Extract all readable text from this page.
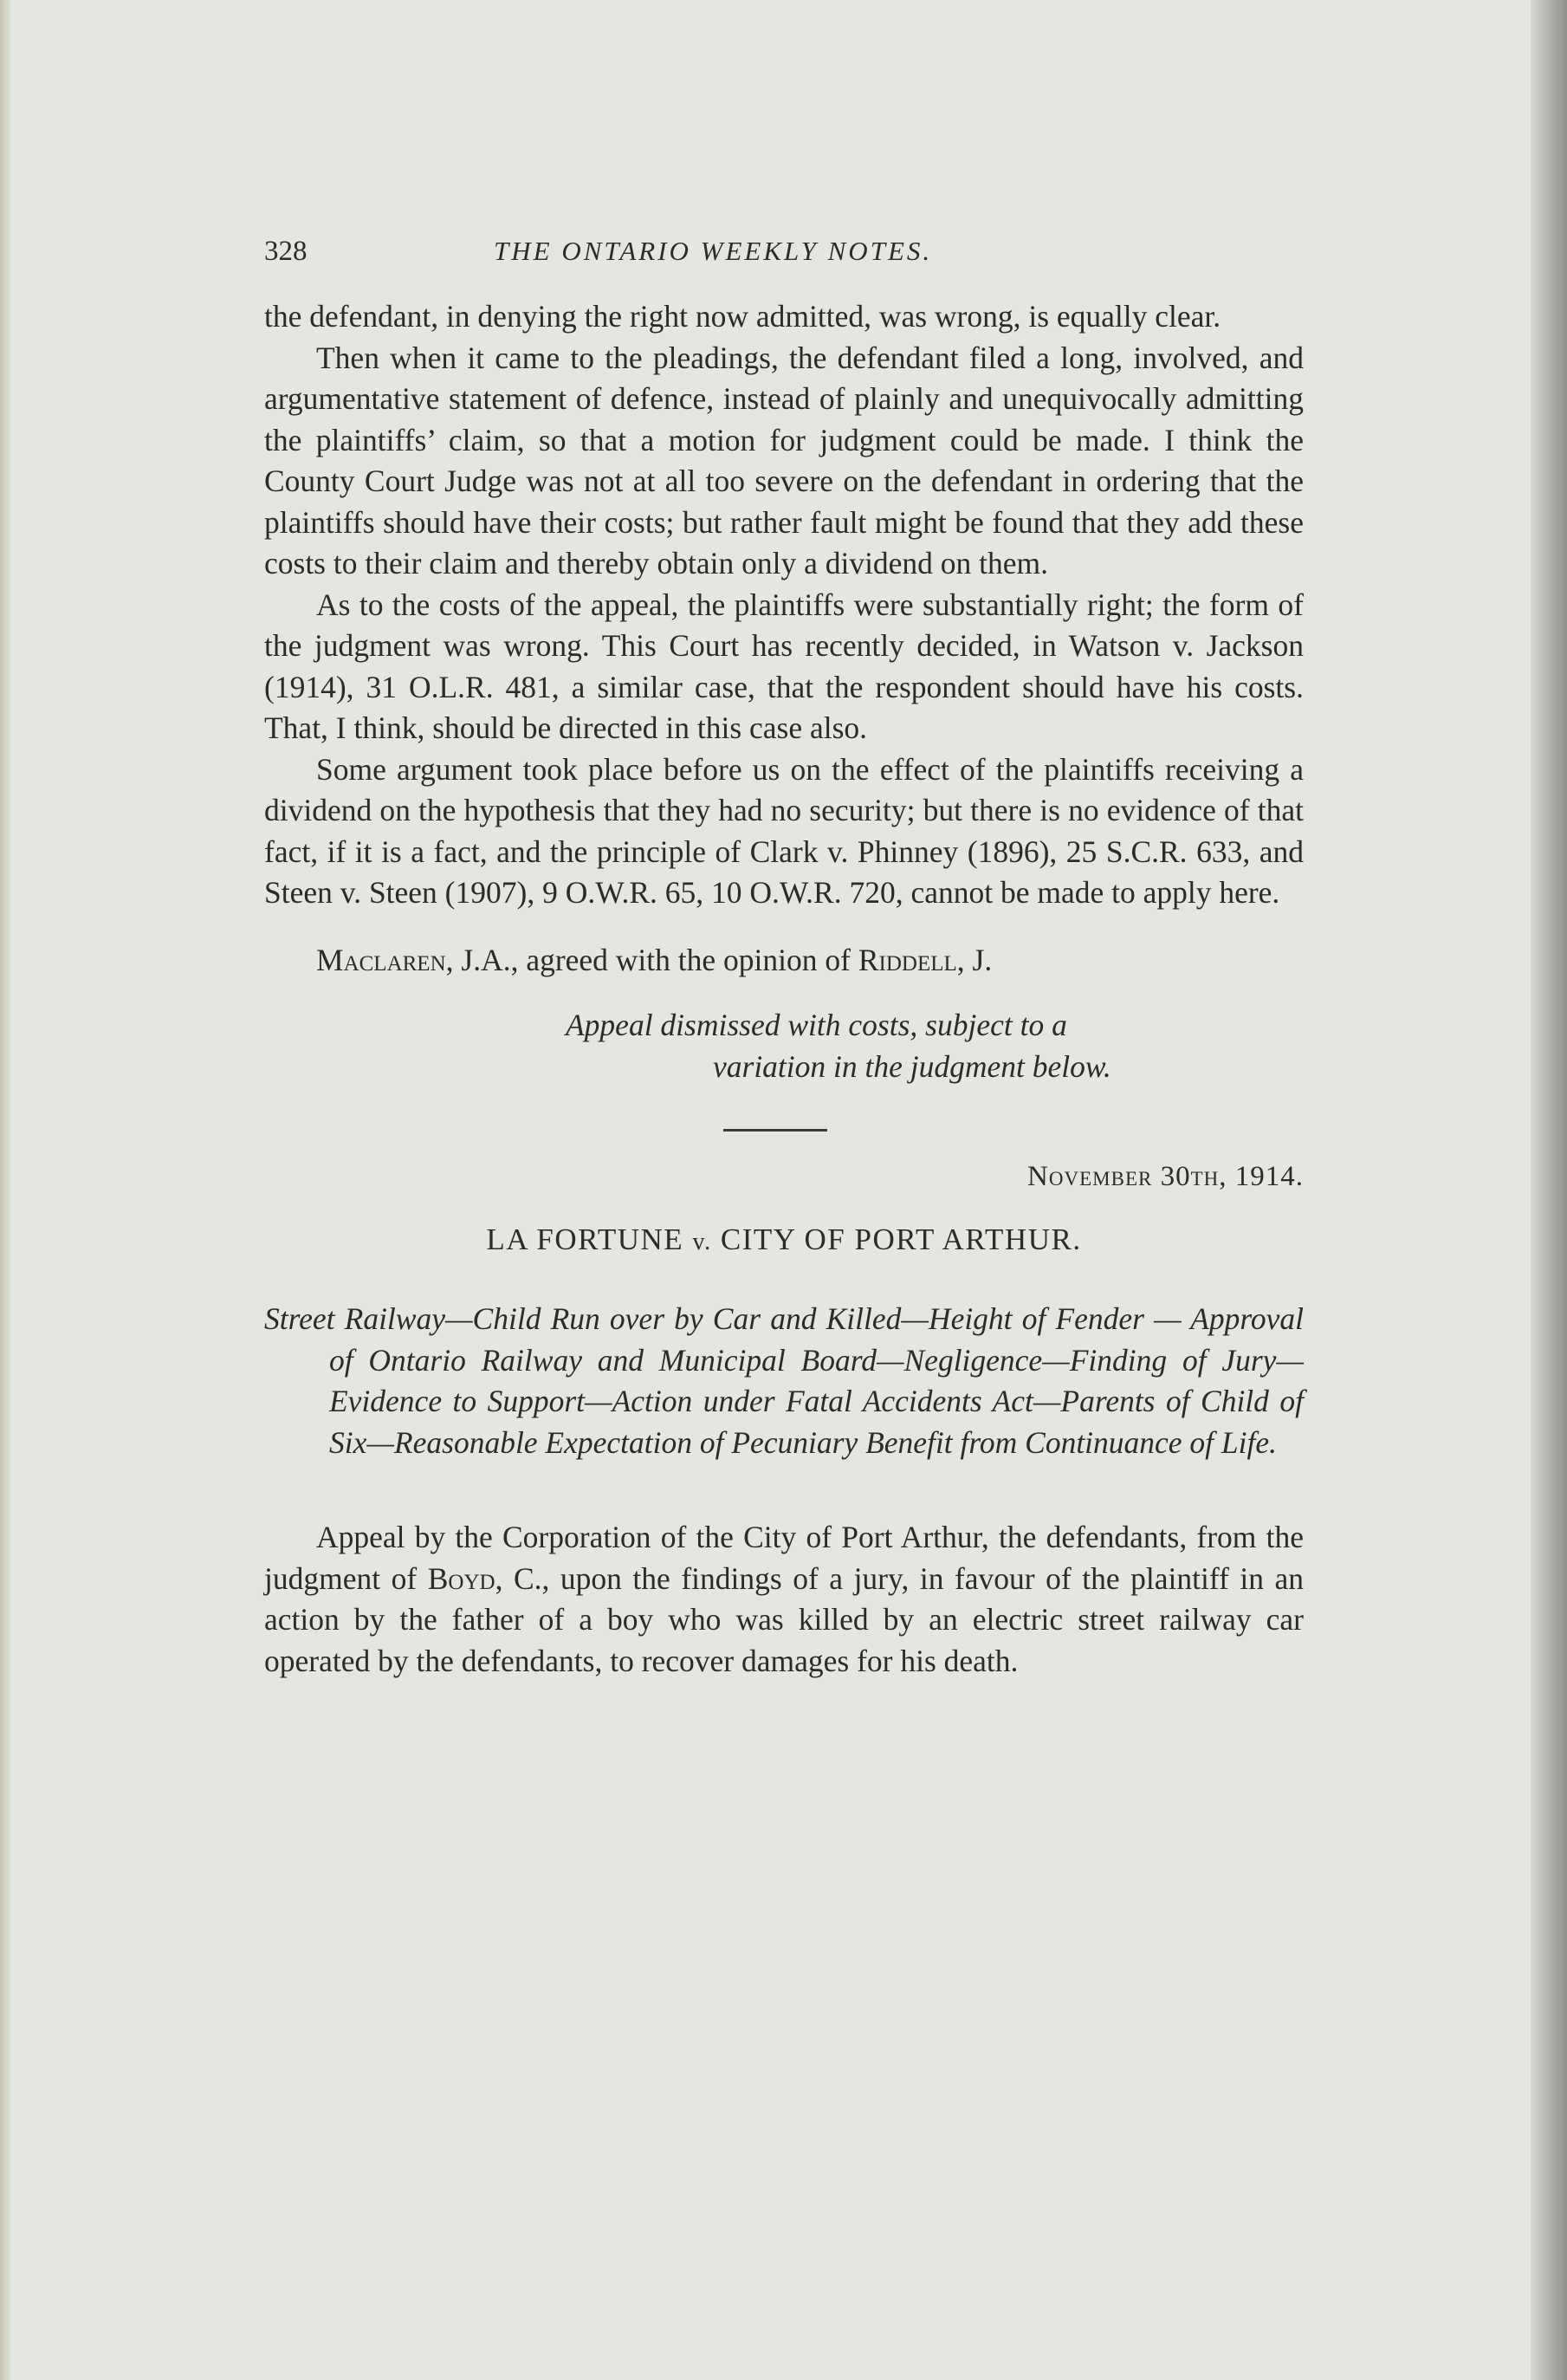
328	THE ONTARIO WEEKLY NOTES.

the defendant, in denying the right now admitted, was wrong, is equally clear.

Then when it came to the pleadings, the defendant filed a long, involved, and argumentative statement of defence, instead of plainly and unequivocally admitting the plaintiffs’ claim, so that a motion for judgment could be made. I think the County Court Judge was not at all too severe on the defendant in ordering that the plaintiffs should have their costs; but rather fault might be found that they add these costs to their claim and thereby obtain only a dividend on them.

As to the costs of the appeal, the plaintiffs were substantially right; the form of the judgment was wrong. This Court has recently decided, in Watson v. Jackson (1914), 31 O.L.R. 481, a similar case, that the respondent should have his costs. That, I think, should be directed in this case also.

Some argument took place before us on the effect of the plaintiffs receiving a dividend on the hypothesis that they had no security; but there is no evidence of that fact, if it is a fact, and the principle of Clark v. Phinney (1896), 25 S.C.R. 633, and Steen v. Steen (1907), 9 O.W.R. 65, 10 O.W.R. 720, cannot be made to apply here.

Maclaren, J.A., agreed with the opinion of Riddell, J.

Appeal dismissed with costs, subject to a
variation in the judgment below.
November 30th, 1914.
LA FORTUNE v. CITY OF PORT ARTHUR.

Street Railway—Child Run over by Car and Killed—Height of Fender — Approval of Ontario Railway and Municipal Board—Negligence—Finding of Jury—Evidence to Support—Action under Fatal Accidents Act—Parents of Child of Six—Reasonable Expectation of Pecuniary Benefit from Continuance of Life.

Appeal by the Corporation of the City of Port Arthur, the defendants, from the judgment of Boyd, C., upon the findings of a jury, in favour of the plaintiff in an action by the father of a boy who was killed by an electric street railway car operated by the defendants, to recover damages for his death.
